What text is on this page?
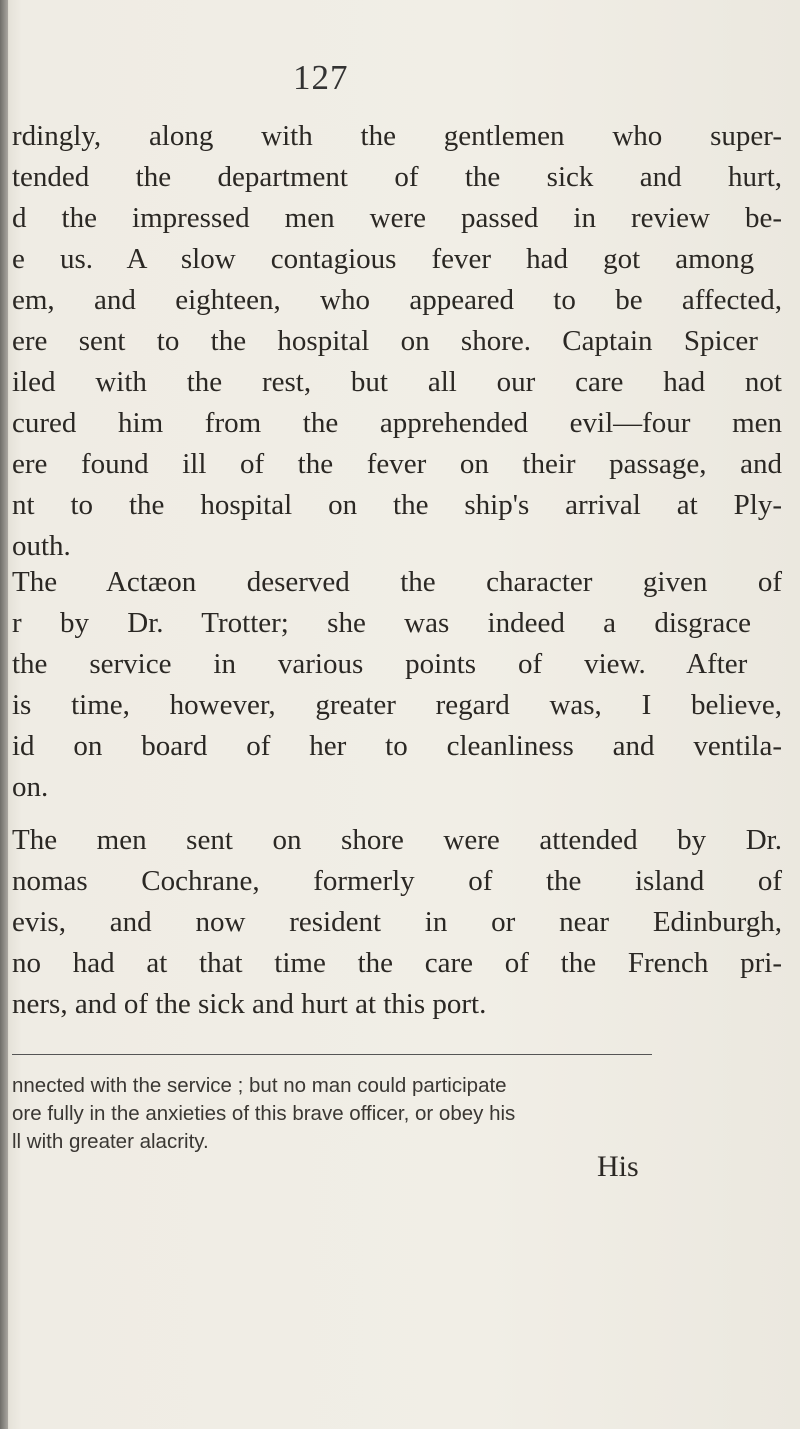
127
rdingly, along with the gentlemen who super-
tended the department of the sick and hurt,
d the impressed men were passed in review be-
e us. A slow contagious fever had got among
em, and eighteen, who appeared to be affected,
ere sent to the hospital on shore. Captain Spicer
iled with the rest, but all our care had not
cured him from the apprehended evil—four men
ere found ill of the fever on their passage, and
nt to the hospital on the ship's arrival at Ply-
outh.
The Actæon deserved the character given of
r by Dr. Trotter; she was indeed a disgrace
the service in various points of view. After
is time, however, greater regard was, I believe,
id on board of her to cleanliness and ventila-
on.
The men sent on shore were attended by Dr.
nomas Cochrane, formerly of the island of
evis, and now resident in or near Edinburgh,
no had at that time the care of the French pri-
ners, and of the sick and hurt at this port.
nnected with the service ; but no man could participate
ore fully in the anxieties of this brave officer, or obey his
ll with greater alacrity.
His
